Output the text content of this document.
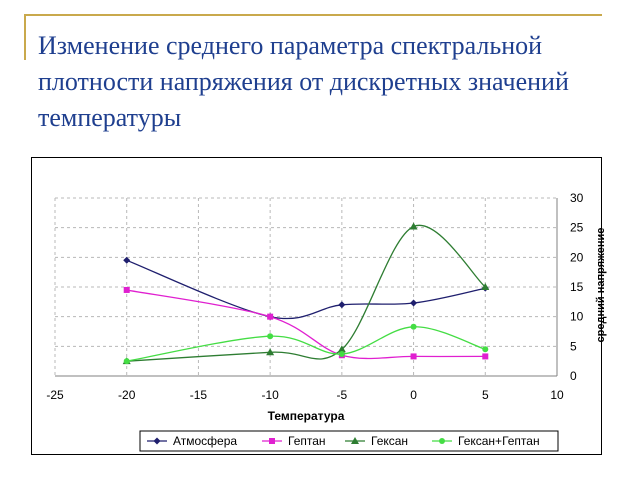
Изменение среднего параметра спектральной плотности напряжения от дискретных значений температуры
-25	-20	-15	-10	-5	0	5	10
0
5
10
15
20
25
30
Температура
средний напряжение
Атмосфера	Гептан	Гексан	Гексан+Гептан
